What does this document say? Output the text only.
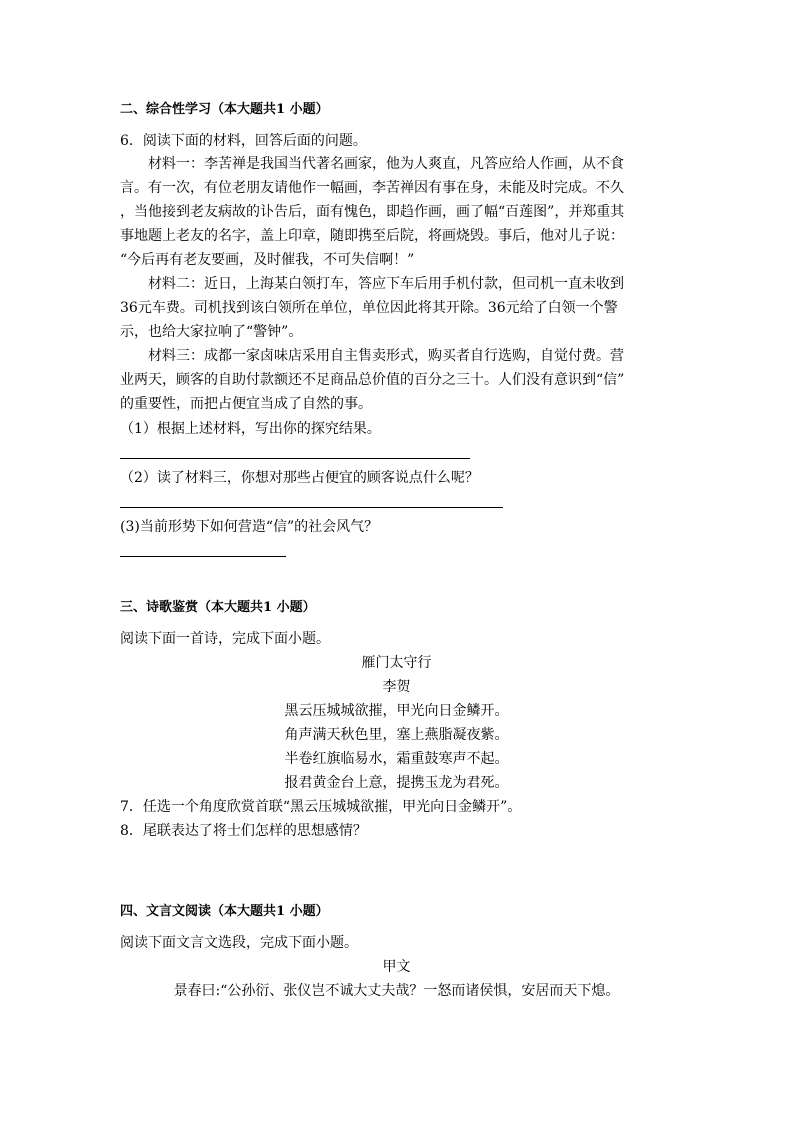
二、综合性学习（本大题共1 小题）
6．阅读下面的材料，回答后面的问题。
材料一：李苦禅是我国当代著名画家，他为人爽直，凡答应给人作画，从不食
言。有一次，有位老朋友请他作一幅画，李苦禅因有事在身，未能及时完成。不久
，当他接到老友病故的讣告后，面有愧色，即趋作画，画了幅“百莲图”，并郑重其
事地题上老友的名字，盖上印章，随即携至后院，将画烧毁。事后，他对儿子说：
“今后再有老友要画，及时催我，不可失信啊！”
材料二：近日，上海某白领打车，答应下车后用手机付款，但司机一直未收到
36元车费。司机找到该白领所在单位，单位因此将其开除。36元给了白领一个警
示，也给大家拉响了“警钟”。
材料三：成都一家卤味店采用自主售卖形式，购买者自行选购，自觉付费。营
业两天，顾客的自助付款额还不足商品总价值的百分之三十。人们没有意识到“信”
的重要性，而把占便宜当成了自然的事。
（1）根据上述材料，写出你的探究结果。
（2）读了材料三，你想对那些占便宜的顾客说点什么呢？
(3)当前形势下如何营造“信”的社会风气？
三、诗歌鉴赏（本大题共1 小题）
阅读下面一首诗，完成下面小题。
雁门太守行
李贺
黑云压城城欲摧，甲光向日金鳞开。
角声满天秋色里，塞上燕脂凝夜紫。
半卷红旗临易水，霜重鼓寒声不起。
报君黄金台上意，提携玉龙为君死。
7．任选一个角度欣赏首联“黑云压城城欲摧，甲光向日金鳞开”。
8．尾联表达了将士们怎样的思想感情？
四、文言文阅读（本大题共1 小题）
阅读下面文言文选段，完成下面小题。
甲文
景春曰:“公孙衍、张仪岂不诚大丈夫哉？一怒而诸侯惧，安居而天下熄。
